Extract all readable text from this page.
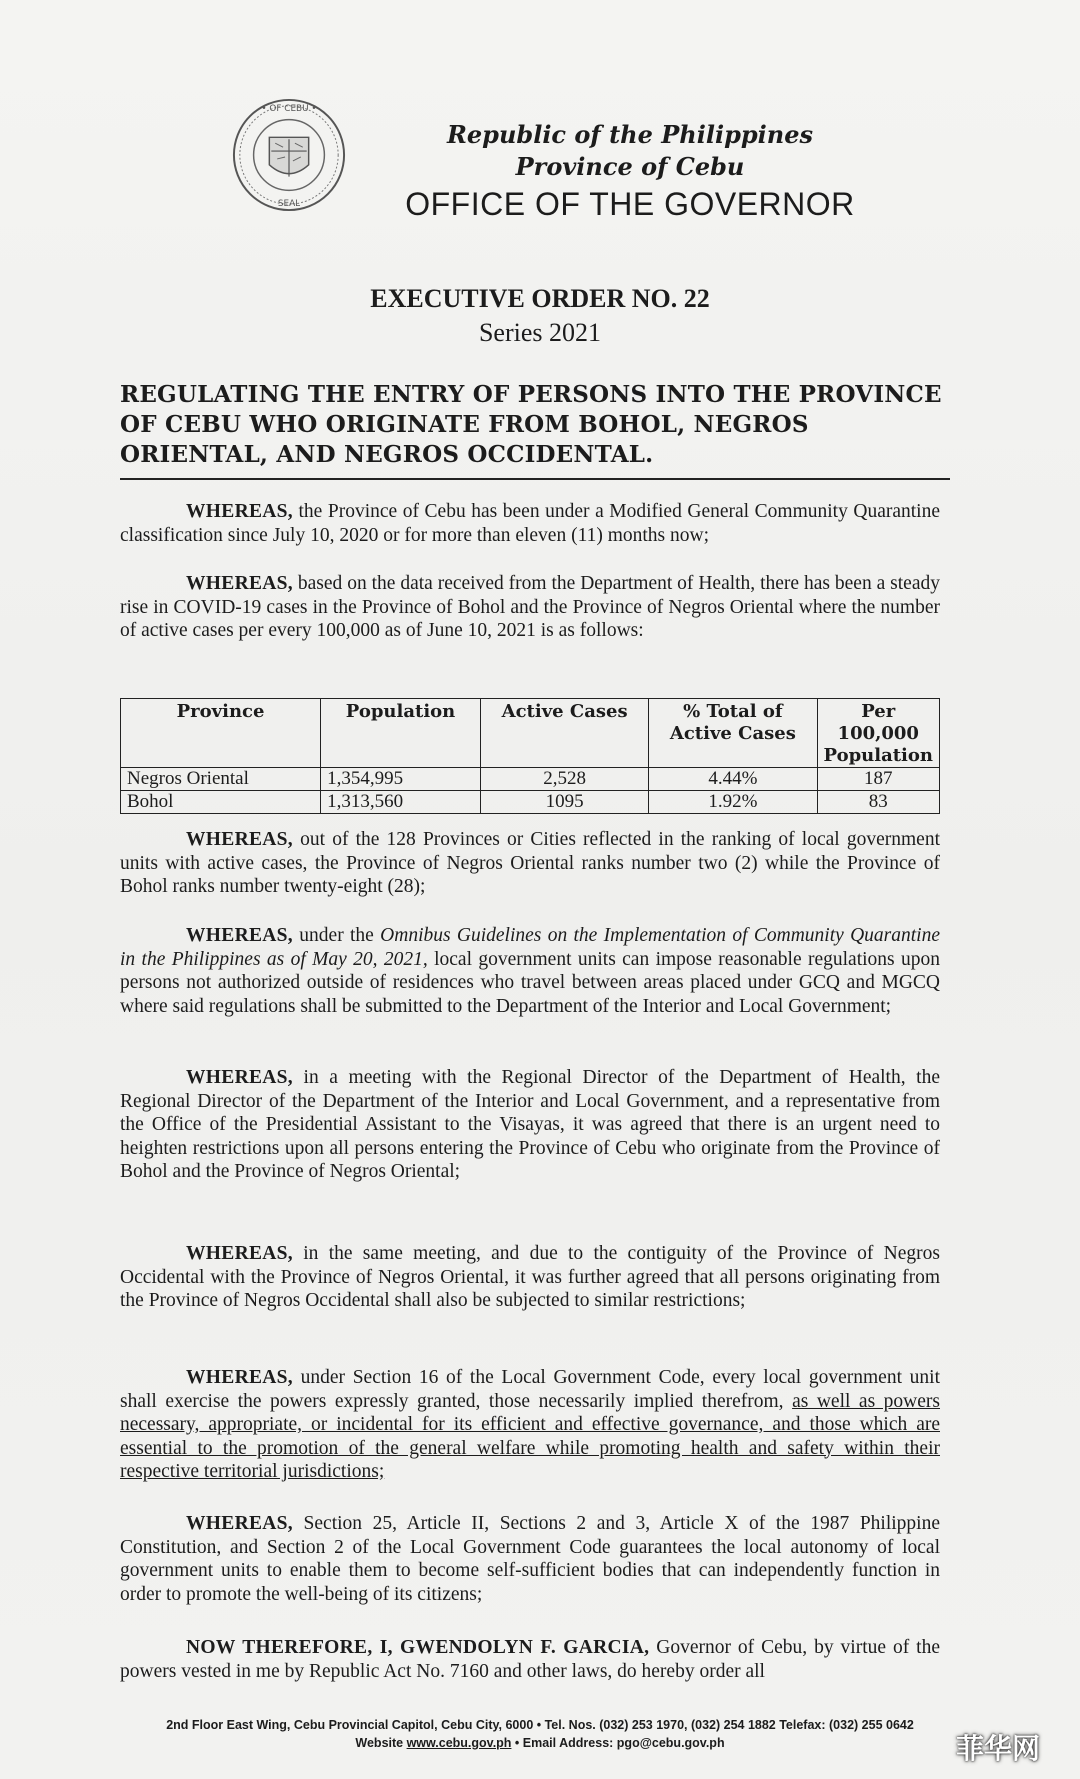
• OF CEBU •
SEAL
Republic of the Philippines
Province of Cebu
OFFICE OF THE GOVERNOR
EXECUTIVE ORDER NO. 22
Series 2021
REGULATING THE ENTRY OF PERSONS INTO THE PROVINCE OF CEBU WHO ORIGINATE FROM BOHOL, NEGROS ORIENTAL, AND NEGROS OCCIDENTAL.
WHEREAS, the Province of Cebu has been under a Modified General Community Quarantine classification since July 10, 2020 or for more than eleven (11) months now;
WHEREAS, based on the data received from the Department of Health, there has been a steady rise in COVID-19 cases in the Province of Bohol and the Province of Negros Oriental where the number of active cases per every 100,000 as of June 10, 2021 is as follows:
Province	Population	Active Cases	% Total of Active Cases	Per 100,000 Population
Negros Oriental	1,354,995	2,528	4.44%	187
Bohol	1,313,560	1095	1.92%	83
WHEREAS, out of the 128 Provinces or Cities reflected in the ranking of local government units with active cases, the Province of Negros Oriental ranks number two (2) while the Province of Bohol ranks number twenty-eight (28);
WHEREAS, under the Omnibus Guidelines on the Implementation of Community Quarantine in the Philippines as of May 20, 2021, local government units can impose reasonable regulations upon persons not authorized outside of residences who travel between areas placed under GCQ and MGCQ where said regulations shall be submitted to the Department of the Interior and Local Government;
WHEREAS, in a meeting with the Regional Director of the Department of Health, the Regional Director of the Department of the Interior and Local Government, and a representative from the Office of the Presidential Assistant to the Visayas, it was agreed that there is an urgent need to heighten restrictions upon all persons entering the Province of Cebu who originate from the Province of Bohol and the Province of Negros Oriental;
WHEREAS, in the same meeting, and due to the contiguity of the Province of Negros Occidental with the Province of Negros Oriental, it was further agreed that all persons originating from the Province of Negros Occidental shall also be subjected to similar restrictions;
WHEREAS, under Section 16 of the Local Government Code, every local government unit shall exercise the powers expressly granted, those necessarily implied therefrom, as well as powers necessary, appropriate, or incidental for its efficient and effective governance, and those which are essential to the promotion of the general welfare while promoting health and safety within their respective territorial jurisdictions;
WHEREAS, Section 25, Article II, Sections 2 and 3, Article X of the 1987 Philippine Constitution, and Section 2 of the Local Government Code guarantees the local autonomy of local government units to enable them to become self-sufficient bodies that can independently function in order to promote the well-being of its citizens;
NOW THEREFORE, I, GWENDOLYN F. GARCIA, Governor of Cebu, by virtue of the powers vested in me by Republic Act No. 7160 and other laws, do hereby order all
2nd Floor East Wing, Cebu Provincial Capitol, Cebu City, 6000 • Tel. Nos. (032) 253 1970, (032) 254 1882 Telefax: (032) 255 0642
Website www.cebu.gov.ph • Email Address: pgo@cebu.gov.ph	菲华网
